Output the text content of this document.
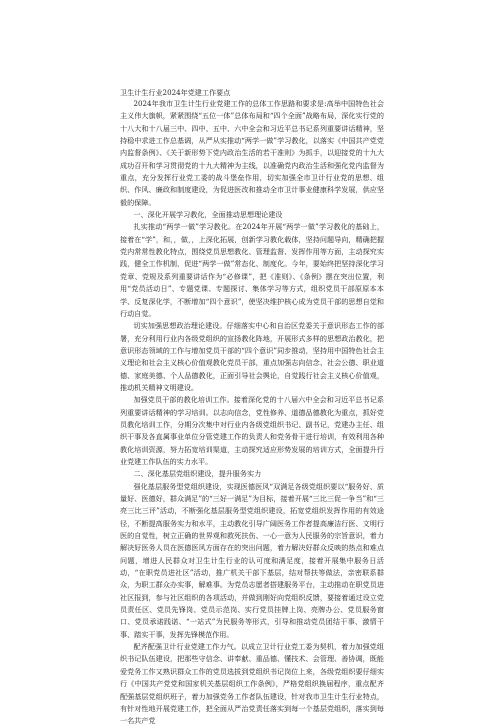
卫生计生行业2024年党建工作要点

2024年我市卫生计生行业党建工作的总体工作思路和要求是:高举中国特色社会主义伟大旗帜，紧紧围绕“五位一体”总体布局和“四个全面”战略布局，深化实行党的十八大和十八届三中、四中、五中、六中全会和习近平总书记系列重要讲话精神，坚持稳中求进工作总基调，从严从实推动“两学一做”学习教化，以落实《中国共产党党内监督条例》、《关于新形势下党内政治生活的若干准则》为抓手，以迎接党的十九大成功召开和学习贯彻党的十九大精神为主线，以准确党内政治生活和强化党内监督为重点，充分发挥行业党工委的战斗堡垒作用，切实加强全市卫计行业党的思想、组织、作风、廉政和制度建设，为促进医改和推动全市卫计事业健康科学发展，供应坚毅的保障。

一、深化开展学习教化，全面推动思想理论建设

扎实推动“两学一做”学习教化。在2024年开展“两学一做”学习教化的基础上，接着在“学”，和，，做，，上深化拓展，创新学习教化载体，坚持问题导向，精确把握党内常常性教化特点，围绕党员思想教化、管理监督、发挥作用等方面，主动探究实践，健全工作机制，促进“两学一做”常态化、制度化。今年，要始终把坚持深化学习党章、党规及系列重要讲话作为“必修课”，把《准则》、《条例》摆在突出位置，利用“党员活动日”、专题党课、专题探讨、集体学习等方式，组织党员干部原原本本学、反复深化学，不断增加“四个意识”，使坚决维护核心成为党员干部的思想自觉和行动自觉。

切实加强思想政治理论建设。仔细落实中心和自治区党委关于意识形态工作的部署，充分利用行业内各级党组织的宣扬教化阵地，开展形式多样的思想政治教化，把意识形态领域的工作与增加党员干部的“四个意识”同步推动，坚持用中国特色社会主义理论和社会主义核心价值观教化党员干部，重点加强志向信念、社会公德、职业道德、家庭美德、个人品德教化，正面引导社会舆论，自觉践行社会主义核心价值观，推动机关精神文明建设。

加强党员干部的教化培训工作。接着深化党的十八届六中全会和习近平总书记系列重要讲话精神的学习培训。以志向信念，党性修养、道德品德教化为重点，抓好党员教化培训工作，分期分次集中对行业内各级党组织书记、副书记，党建办主任、组织干事及各直属事业单位分管党建工作的负责人和党务骨干进行培训，有效利用各种教化培训资源，努力拓宽培训渠道，主动探究适应形势发展的培训方式，全面提升行业党建工作队伍的实力水平。

二、深化基层党组织建设，提升服务实力

强化基层服务型党组织建设，实现医德医风“双满足各级党组织要以“服务好、质量好、医德好，群众满足”的“三好一满足”为目标，接着开展“三比三促一争当”和“三亮三比三评”活动，不断强化基层服务型党组织建设，拓宽党组织发挥作用的有效途径，不断提高服务实力和水平，主动教化引导广阔医务工作者提高廉洁行医、文明行医的自觉性，树立正确的世界观和救死扶伤、一心一意为人民服务的宗旨意识，着力解决好医务人员在医德医风方面存在的突出问题，着力解决好群众反映的热点和难点问题，增进人民群众对卫生计生行业的认可度和满足度，接着开展集中服务日活动，“在职党员进社区”活动，推广机关干部下基层，结对帮扶等做法，亲密联系群众，为职工群众办实事，解难事。为党员志愿者搭建服务平台，主动推动在职党员进社区报到，参与社区组织的各项活动，并做到刚好向党组织反馈，要接着通过设立党员责任区、党员先锋岗、党员示范岗、实行党员挂牌上岗、亮牌办公、党员服务窗口、党员承诺践诺、“一站式”为民服务等形式，引导和推动党员团结干事、激情干事、踏实干事，发挥先锋模范作用。

配齐配强卫计行业党建工作力气。以成立卫计行业党工委为契机，着力加强党组织书记队伍建设，把那些守信念、讲奉献、重品德、懂技术、会管理、善协调，既能爱党务工作又熟识群众工作的党员选拔到党组织书记岗位上来，各级党组织要仔细实行《中国共产党党和国家机关基层组织工作条例》，严格党组织换届程序，重点配齐配强基层党组织班子，着力加强党务工作者队伍建设，针对我市卫生计生行业特点，有针对性地开展党建工作，把全面从严治党责任落实到每一个基层党组织，落实到每一名共产党
